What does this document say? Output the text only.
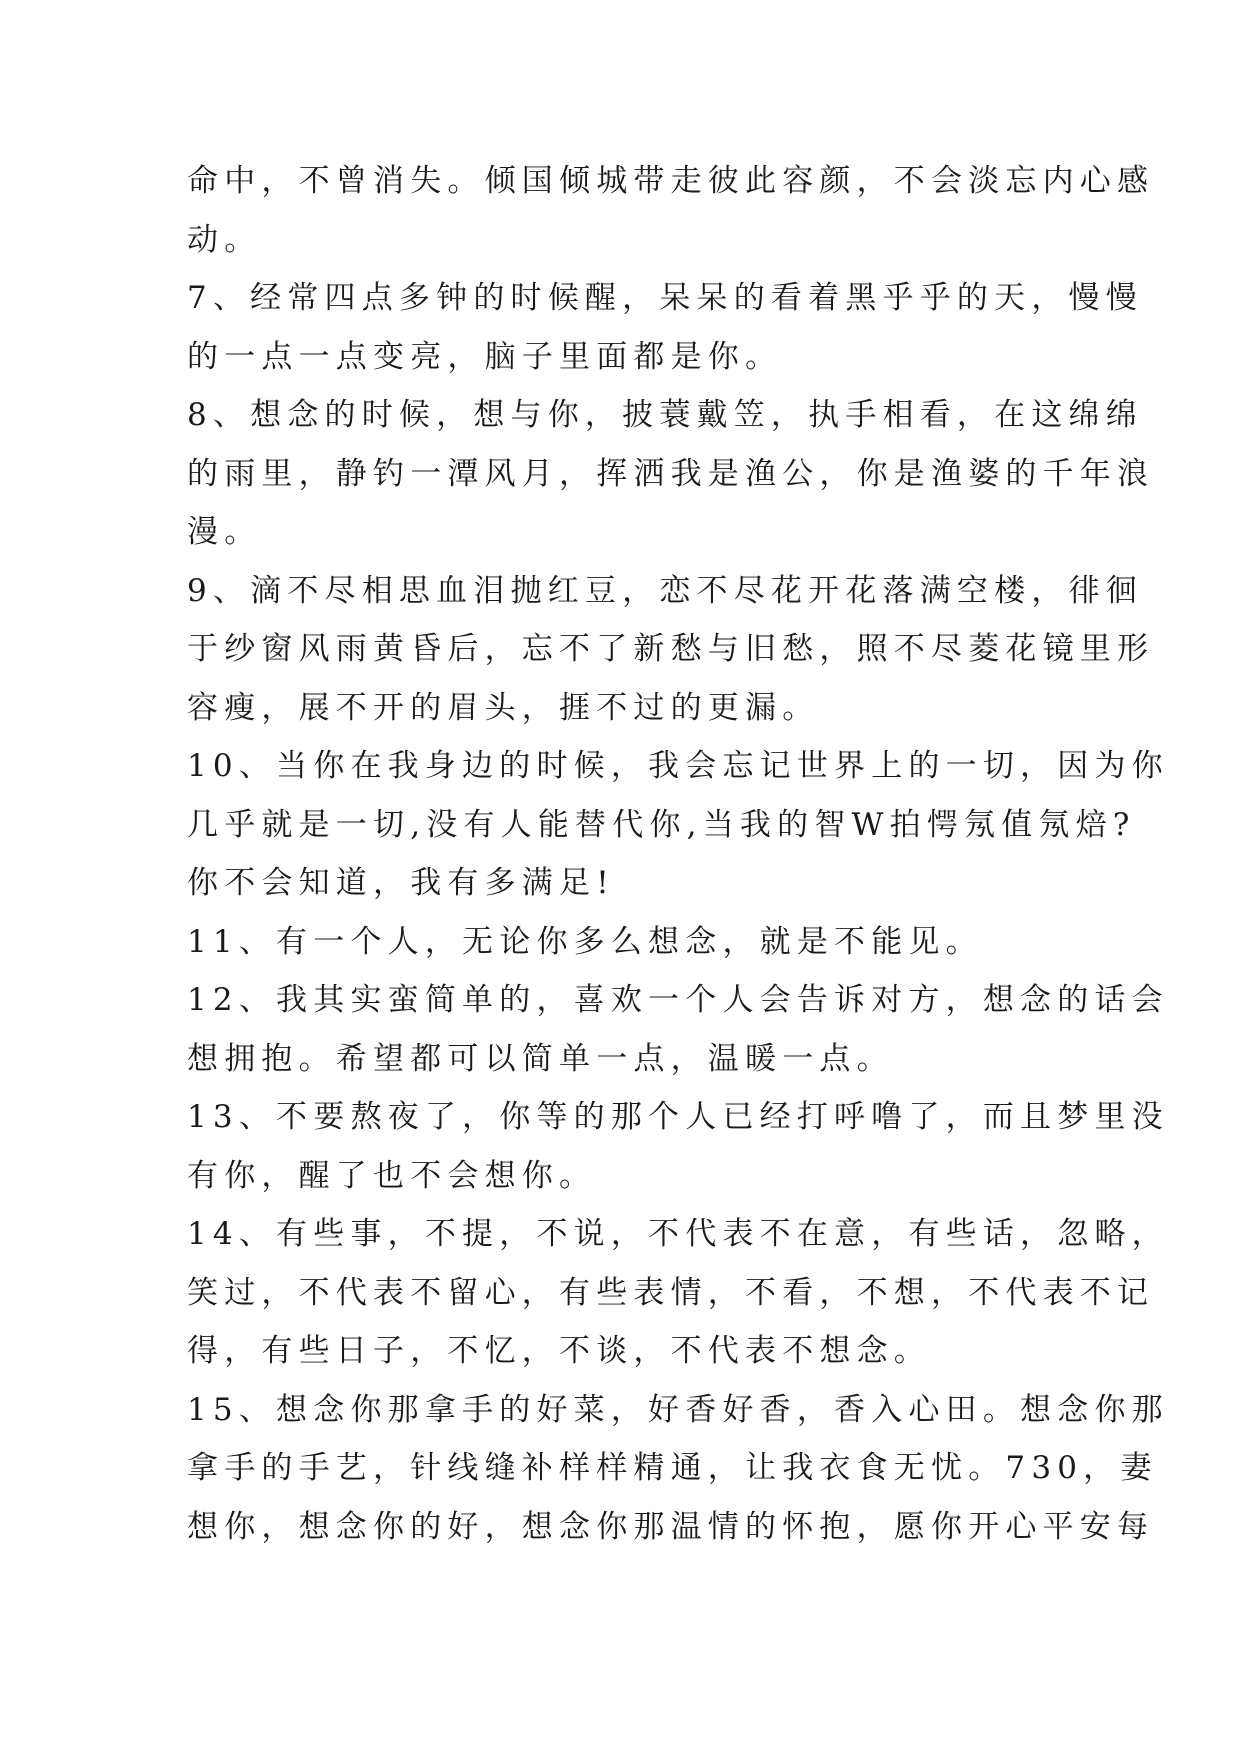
命中，不曾消失。倾国倾城带走彼此容颜，不会淡忘内心感
动。
7、经常四点多钟的时候醒，呆呆的看着黑乎乎的天，慢慢
的一点一点变亮，脑子里面都是你。
8、想念的时候，想与你，披蓑戴笠，执手相看，在这绵绵
的雨里，静钓一潭风月，挥洒我是渔公，你是渔婆的千年浪
漫。
9、滴不尽相思血泪抛红豆，恋不尽花开花落满空楼，徘徊
于纱窗风雨黄昏后，忘不了新愁与旧愁，照不尽菱花镜里形
容瘦，展不开的眉头，捱不过的更漏。
10、当你在我身边的时候，我会忘记世界上的一切，因为你
几乎就是一切,没有人能替代你,当我的智W拍愕氖值氖焙?
你不会知道，我有多满足!
11、有一个人，无论你多么想念，就是不能见。
12、我其实蛮简单的，喜欢一个人会告诉对方，想念的话会
想拥抱。希望都可以简单一点，温暖一点。
13、不要熬夜了，你等的那个人已经打呼噜了，而且梦里没
有你，醒了也不会想你。
14、有些事，不提，不说，不代表不在意，有些话，忽略，
笑过，不代表不留心，有些表情，不看，不想，不代表不记
得，有些日子，不忆，不谈，不代表不想念。
15、想念你那拿手的好菜，好香好香，香入心田。想念你那
拿手的手艺，针线缝补样样精通，让我衣食无忧。730，妻
想你，想念你的好，想念你那温情的怀抱，愿你开心平安每
